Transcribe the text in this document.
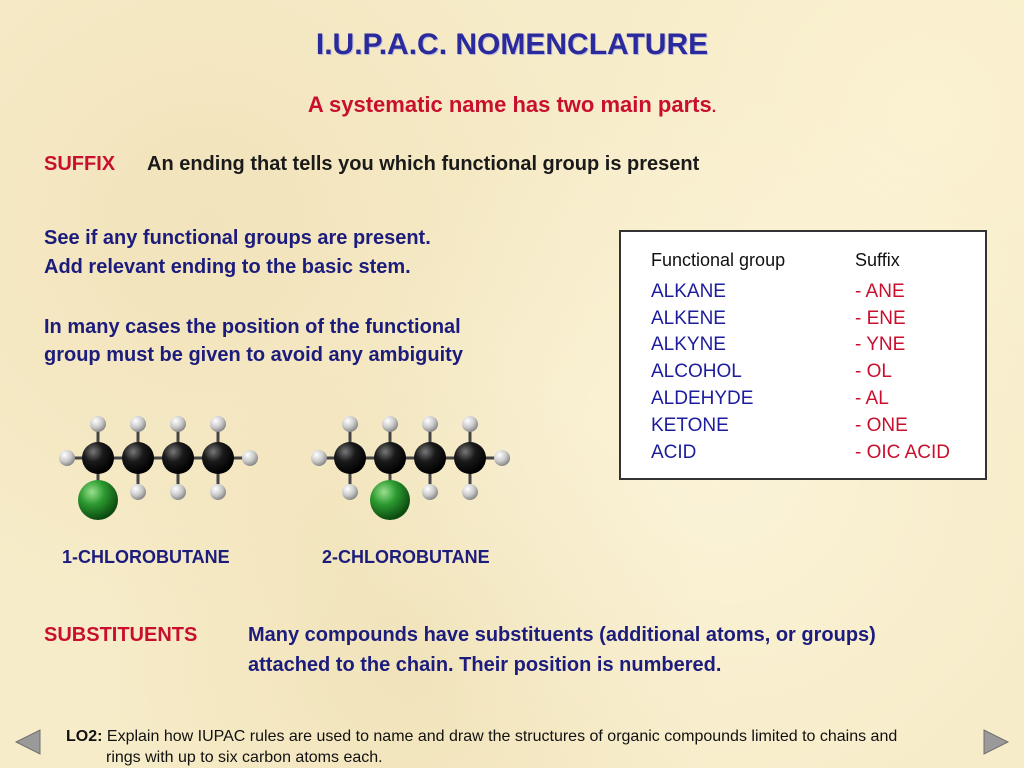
I.U.P.A.C. NOMENCLATURE
A systematic name has two main parts.
SUFFIX An ending that tells you which functional group is present
See if any functional groups are present.
Add relevant ending to the basic stem.
In many cases the position of the functional
group must be given to avoid any ambiguity
Functional group	Suffix
ALKANE	- ANE
ALKENE	- ENE
ALKYNE	- YNE
ALCOHOL	- OL
ALDEHYDE	- AL
KETONE	- ONE
ACID	- OIC ACID
1-CHLOROBUTANE	2-CHLOROBUTANE
SUBSTITUENTS	Many compounds have substituents (additional atoms, or groups)
attached to the chain. Their position is numbered.
LO2: Explain how IUPAC rules are used to name and draw the structures of organic compounds limited to chains and
rings with up to six carbon atoms each.
